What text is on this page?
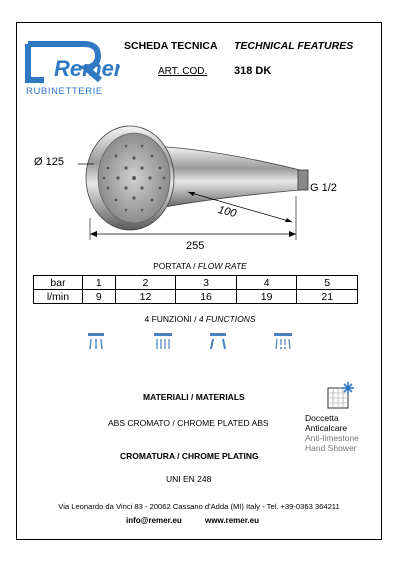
Remer
RUBINETTERIE
SCHEDA TECNICA TECHNICAL FEATURES
ART. COD. 318 DK
Ø 125
G 1/2
100
255
PORTATA / FLOW RATE
bar	1	2	3	4	5
l/min	9	12	16	19	21
4 FUNZIONI / 4 FUNCTIONS
MATERIALI / MATERIALS
ABS CROMATO / CHROME PLATED ABS
CROMATURA / CHROME PLATING
UNI EN 248
Doccetta
Anticalcare
Anti-limestone
Hand Shower
Via Leonardo da Vinci 83 - 20062 Cassano d'Adda (MI) Italy - Tel. +39-0363 364211
info@remer.eu	www.remer.eu
